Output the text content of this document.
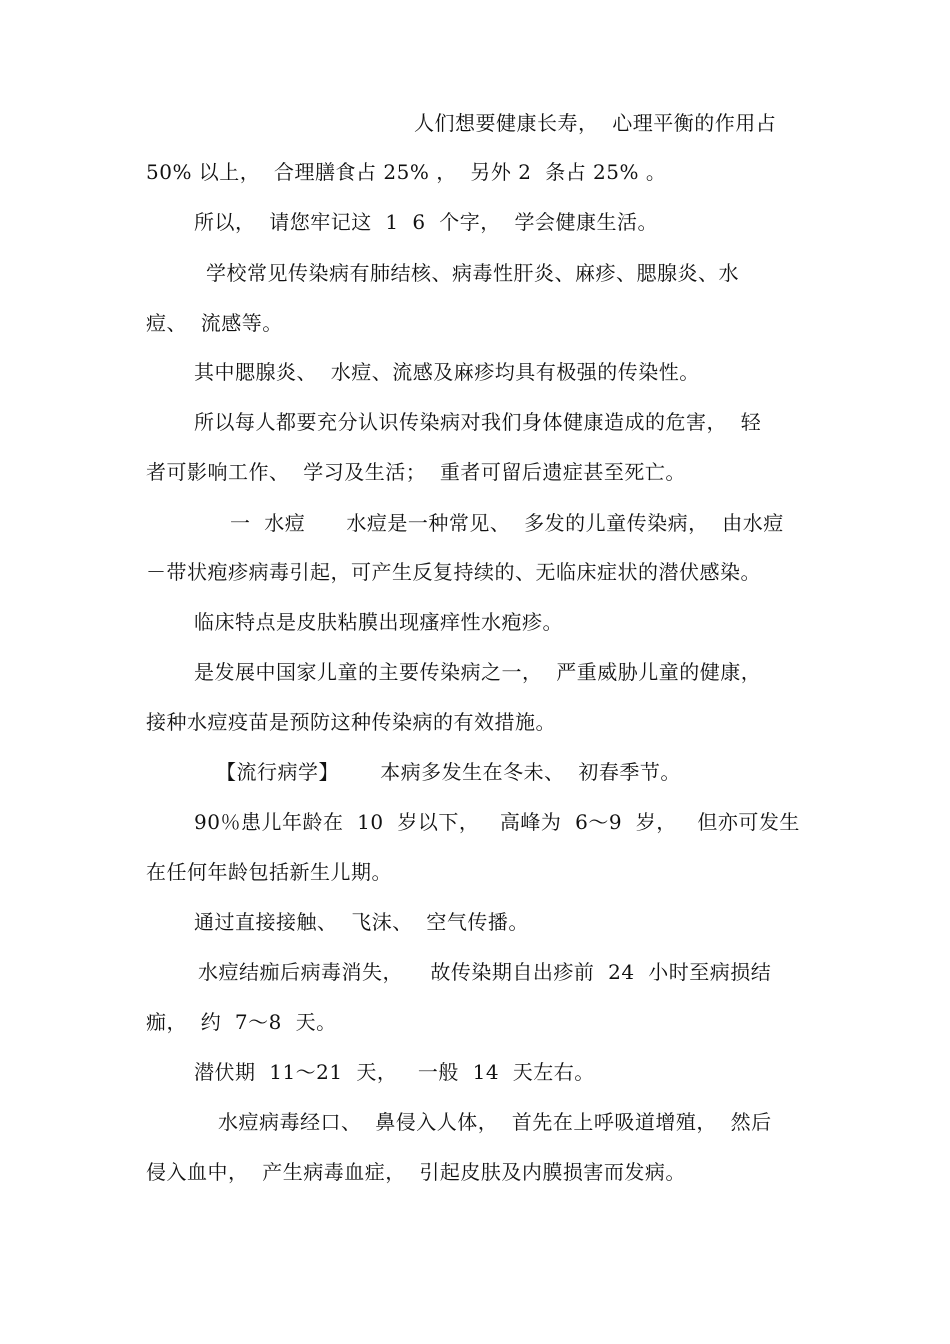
人们想要健康长寿，  心理平衡的作用占
50% 以上，  合理膳食占 25% ，  另外 2  条占 25% 。
所以，  请您牢记这  1  6  个字，  学会健康生活。
学校常见传染病有肺结核、病毒性肝炎、麻疹、腮腺炎、水
痘、  流感等。
其中腮腺炎、  水痘、流感及麻疹均具有极强的传染性。
所以每人都要充分认识传染病对我们身体健康造成的危害，  轻
者可影响工作、  学习及生活；  重者可留后遗症甚至死亡。
一  水痘      水痘是一种常见、  多发的儿童传染病，  由水痘
－带状疱疹病毒引起，可产生反复持续的、无临床症状的潜伏感染。
临床特点是皮肤粘膜出现瘙痒性水疱疹。
是发展中国家儿童的主要传染病之一，  严重威胁儿童的健康，
接种水痘疫苗是预防这种传染病的有效措施。
【流行病学】      本病多发生在冬未、  初春季节。
90％患儿年龄在  10  岁以下，   高峰为  6～9  岁，   但亦可发生
在任何年龄包括新生儿期。
通过直接接触、  飞沫、  空气传播。
水痘结痂后病毒消失，    故传染期自出疹前  24  小时至病损结
痂，  约  7～8  天。
潜伏期  11～21  天，   一般  14  天左右。
水痘病毒经口、  鼻侵入人体，  首先在上呼吸道增殖，  然后
侵入血中，  产生病毒血症，  引起皮肤及内膜损害而发病。
